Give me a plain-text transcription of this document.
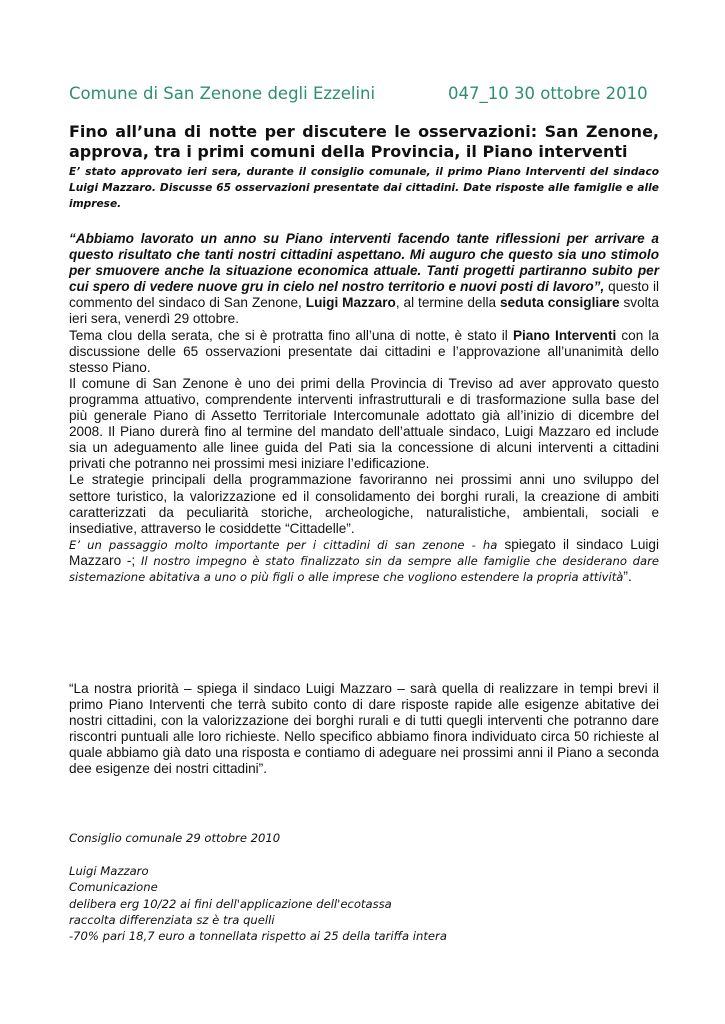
Comune di San Zenone degli Ezzelini	047_10 30 ottobre 2010
Fino all’una di notte per discutere le osservazioni: San Zenone, approva, tra i primi comuni della Provincia, il Piano interventi

E’ stato approvato ieri sera, durante il consiglio comunale, il primo Piano Interventi del sindaco Luigi Mazzaro. Discusse 65 osservazioni presentate dai cittadini. Date risposte alle famiglie e alle imprese.

“Abbiamo lavorato un anno su Piano interventi facendo tante riflessioni per arrivare a questo risultato che tanti nostri cittadini aspettano. Mi auguro che questo sia uno stimolo per smuovere anche la situazione economica attuale. Tanti progetti partiranno subito per cui spero di vedere nuove gru in cielo nel nostro territorio e nuovi posti di lavoro”, questo il commento del sindaco di San Zenone, Luigi Mazzaro, al termine della seduta consigliare svolta ieri sera, venerdì 29 ottobre.

Tema clou della serata, che si è protratta fino all’una di notte, è stato il Piano Interventi con la discussione delle 65 osservazioni presentate dai cittadini e l’approvazione all’unanimità dello stesso Piano.

Il comune di San Zenone è uno dei primi della Provincia di Treviso ad aver approvato questo programma attuativo, comprendente interventi infrastrutturali e di trasformazione sulla base del più generale Piano di Assetto Territoriale Intercomunale adottato già all’inizio di dicembre del 2008. Il Piano durerà fino al termine del mandato dell’attuale sindaco, Luigi Mazzaro ed include sia un adeguamento alle linee guida del Pati sia la concessione di alcuni interventi a cittadini privati che potranno nei prossimi mesi iniziare l’edificazione.

Le strategie principali della programmazione favoriranno nei prossimi anni uno sviluppo del settore turistico, la valorizzazione ed il consolidamento dei borghi rurali, la creazione di ambiti caratterizzati da peculiarità storiche, archeologiche, naturalistiche, ambientali, sociali e insediative, attraverso le cosiddette “Cittadelle”.

E’ un passaggio molto importante per i cittadini di san zenone - ha spiegato il sindaco Luigi Mazzaro -; Il nostro impegno è stato finalizzato sin da sempre alle famiglie che desiderano dare sistemazione abitativa a uno o più figli o alle imprese che vogliono estendere la propria attività”.

“La nostra priorità – spiega il sindaco Luigi Mazzaro – sarà quella di realizzare in tempi brevi il primo Piano Interventi che terrà subito conto di dare risposte rapide alle esigenze abitative dei nostri cittadini, con la valorizzazione dei borghi rurali e di tutti quegli interventi che potranno dare riscontri puntuali alle loro richieste. Nello specifico abbiamo finora individuato circa 50 richieste al quale abbiamo già dato una risposta e contiamo di adeguare nei prossimi anni il Piano a seconda dee esigenze dei nostri cittadini”.

Consiglio comunale 29 ottobre 2010

Luigi Mazzaro

Comunicazione

delibera erg 10/22 ai fini dell'applicazione dell'ecotassa

raccolta differenziata sz è tra quelli

-70% pari 18,7 euro a tonnellata rispetto ai 25 della tariffa intera
